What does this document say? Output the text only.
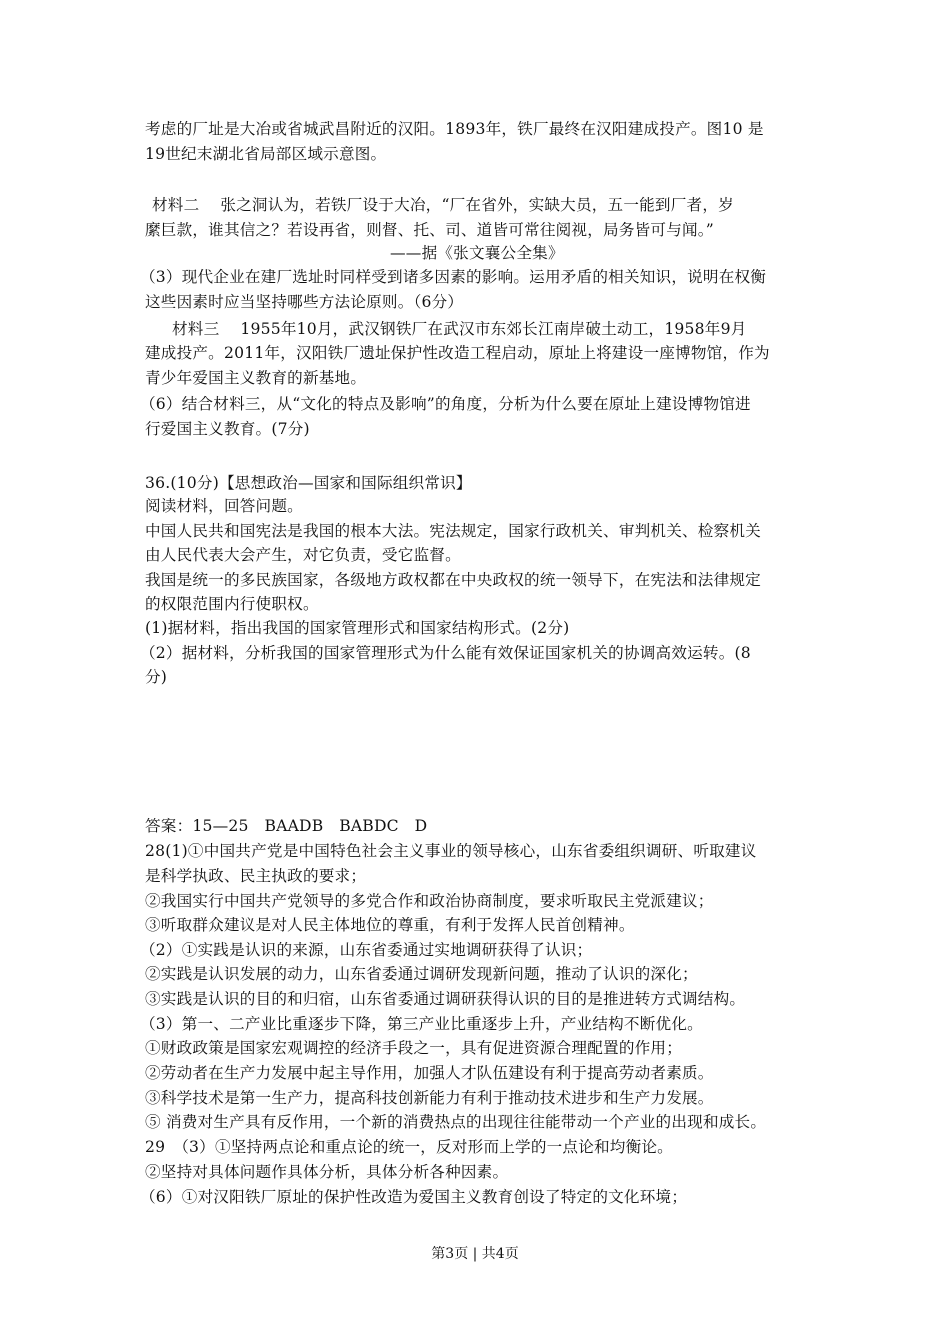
考虑的厂址是大冶或省城武昌附近的汉阳。1893年，铁厂最终在汉阳建成投产。图10 是
19世纪末湖北省局部区域示意图。
材料二　 张之洞认为，若铁厂设于大冶，“厂在省外，实缺大员，五一能到厂者，岁
縻巨款，谁其信之？若设再省，则督、托、司、道皆可常往阅视，局务皆可与闻。”
——据《张文襄公全集》
（3）现代企业在建厂选址时同样受到诸多因素的影响。运用矛盾的相关知识，说明在权衡
这些因素时应当坚持哪些方法论原则。（6分）
材料三　 1955年10月，武汉钢铁厂在武汉市东郊长江南岸破土动工，1958年9月
建成投产。2011年，汉阳铁厂遗址保护性改造工程启动，原址上将建设一座博物馆，作为
青少年爱国主义教育的新基地。
（6）结合材料三，从“文化的特点及影响”的角度，分析为什么要在原址上建设博物馆进
行爱国主义教育。(7分)
36.(10分)【思想政治—国家和国际组织常识】
阅读材料，回答问题。
中国人民共和国宪法是我国的根本大法。宪法规定，国家行政机关、审判机关、检察机关
由人民代表大会产生，对它负责，受它监督。
我国是统一的多民族国家，各级地方政权都在中央政权的统一领导下，在宪法和法律规定
的权限范围内行使职权。
(1)据材料，指出我国的国家管理形式和国家结构形式。(2分)
（2）据材料，分析我国的国家管理形式为什么能有效保证国家机关的协调高效运转。(8
分)
答案：15—25　BAADB　BABDC　D
28(1)①中国共产党是中国特色社会主义事业的领导核心，山东省委组织调研、听取建议
是科学执政、民主执政的要求；
②我国实行中国共产党领导的多党合作和政治协商制度，要求听取民主党派建议；
③听取群众建议是对人民主体地位的尊重，有利于发挥人民首创精神。
（2）①实践是认识的来源，山东省委通过实地调研获得了认识；
②实践是认识发展的动力，山东省委通过调研发现新问题，推动了认识的深化；
③实践是认识的目的和归宿，山东省委通过调研获得认识的目的是推进转方式调结构。
（3）第一、二产业比重逐步下降，第三产业比重逐步上升，产业结构不断优化。
①财政政策是国家宏观调控的经济手段之一，具有促进资源合理配置的作用；
②劳动者在生产力发展中起主导作用，加强人才队伍建设有利于提高劳动者素质。
③科学技术是第一生产力，提高科技创新能力有利于推动技术进步和生产力发展。
⑤ 消费对生产具有反作用，一个新的消费热点的出现往往能带动一个产业的出现和成长。
29　（3）①坚持两点论和重点论的统一，反对形而上学的一点论和均衡论。
②坚持对具体问题作具体分析，具体分析各种因素。
（6）①对汉阳铁厂原址的保护性改造为爱国主义教育创设了特定的文化环境；
第3页 | 共4页
